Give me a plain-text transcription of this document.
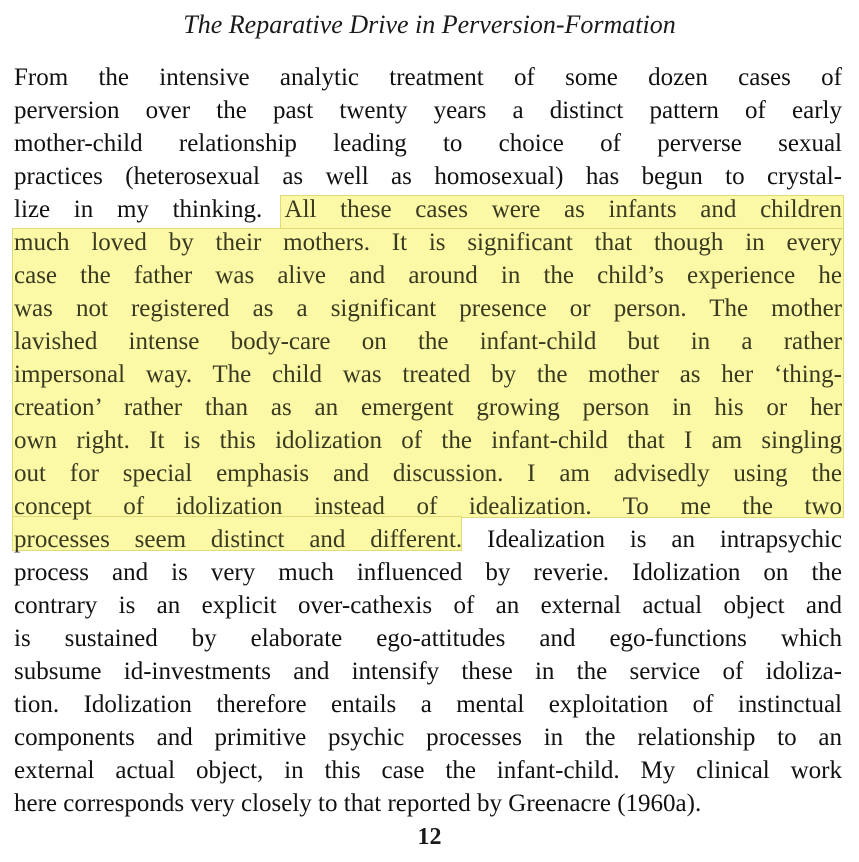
The Reparative Drive in Perversion-Formation
From the intensive analytic treatment of some dozen cases of
perversion over the past twenty years a distinct pattern of early
mother-child relationship leading to choice of perverse sexual
practices (heterosexual as well as homosexual) has begun to crystal-
lize in my thinking. All these cases were as infants and children
much loved by their mothers. It is significant that though in every
case the father was alive and around in the child’s experience he
was not registered as a significant presence or person. The mother
lavished intense body-care on the infant-child but in a rather
impersonal way. The child was treated by the mother as her ‘thing-
creation’ rather than as an emergent growing person in his or her
own right. It is this idolization of the infant-child that I am singling
out for special emphasis and discussion. I am advisedly using the
concept of idolization instead of idealization. To me the two
processes seem distinct and different. Idealization is an intrapsychic
process and is very much influenced by reverie. Idolization on the
contrary is an explicit over-cathexis of an external actual object and
is sustained by elaborate ego-attitudes and ego-functions which
subsume id-investments and intensify these in the service of idoliza-
tion. Idolization therefore entails a mental exploitation of instinctual
components and primitive psychic processes in the relationship to an
external actual object, in this case the infant-child. My clinical work
here corresponds very closely to that reported by Greenacre (1960a).
12
